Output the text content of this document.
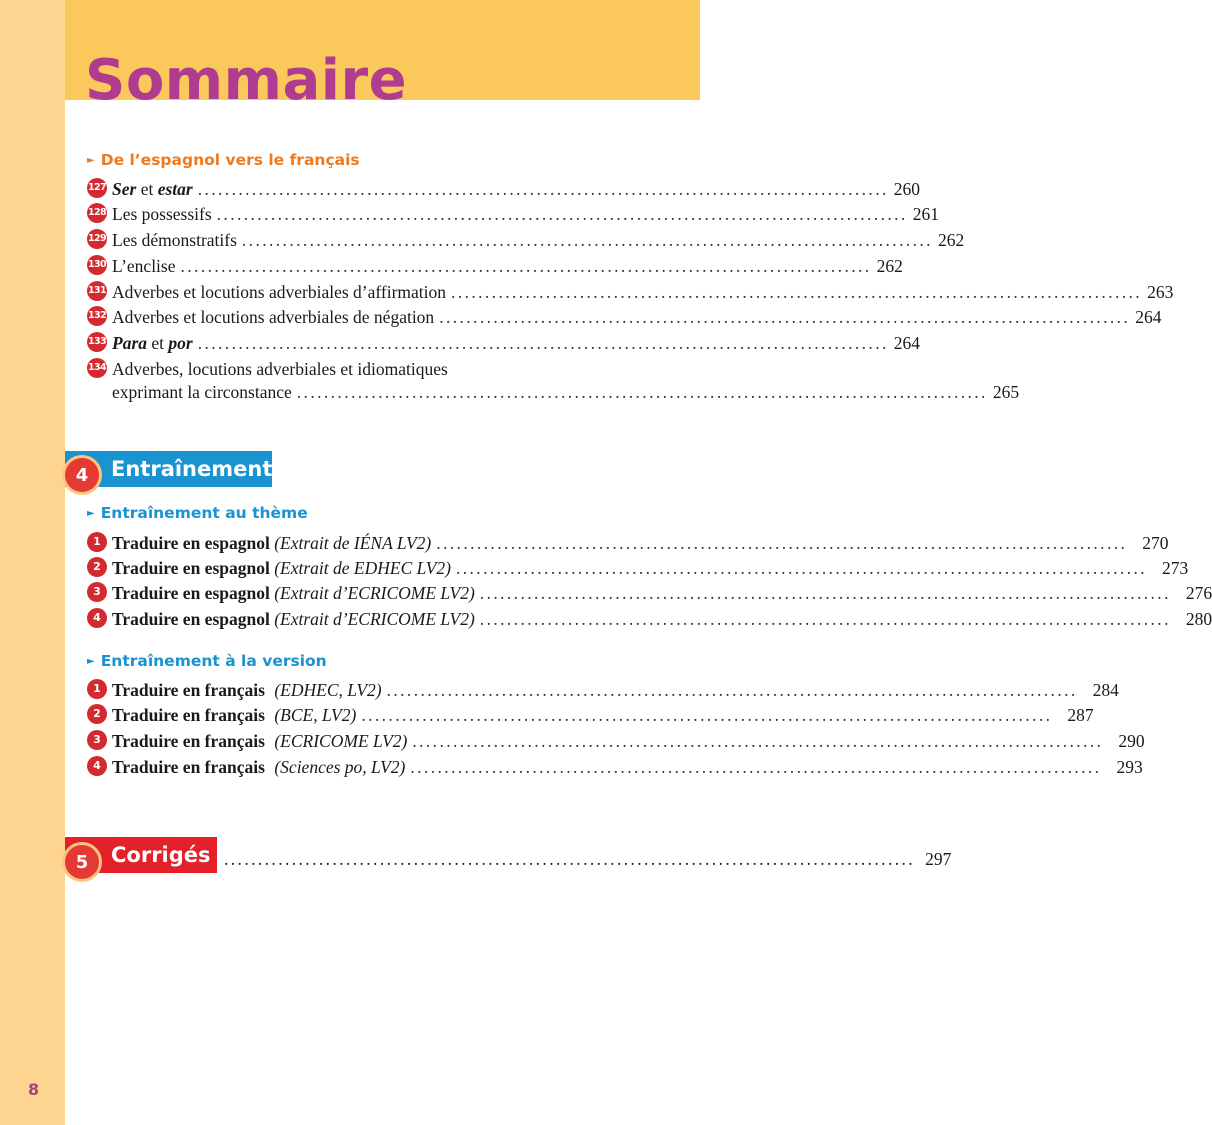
Sommaire
► De l’espagnol vers le français
127 Ser et estar ...................................................................................................... 260
128 Les possessifs ...................................................................................................... 261
129 Les démonstratifs ...................................................................................................... 262
130 L’enclise ...................................................................................................... 262
131 Adverbes et locutions adverbiales d’affirmation ...................................................................................................... 263
132 Adverbes et locutions adverbiales de négation ...................................................................................................... 264
133 Para et por ...................................................................................................... 264
134 Adverbes, locutions adverbiales et idiomatiques
exprimant la circonstance ...................................................................................................... 265
Entraînement
4
► Entraînement au thème
1 Traduire en espagnol (Extrait de IÉNA LV2) ...................................................................................................... 270
2 Traduire en espagnol (Extrait de EDHEC LV2) ...................................................................................................... 273
3 Traduire en espagnol (Extrait d’ECRICOME LV2) ...................................................................................................... 276
4 Traduire en espagnol (Extrait d’ECRICOME LV2) ...................................................................................................... 280
► Entraînement à la version
1 Traduire en français (EDHEC, LV2) ...................................................................................................... 284
2 Traduire en français (BCE, LV2) ...................................................................................................... 287
3 Traduire en français (ECRICOME LV2) ...................................................................................................... 290
4 Traduire en français (Sciences po, LV2) ...................................................................................................... 293
Corrigés
5	...................................................................................................... 297
8
